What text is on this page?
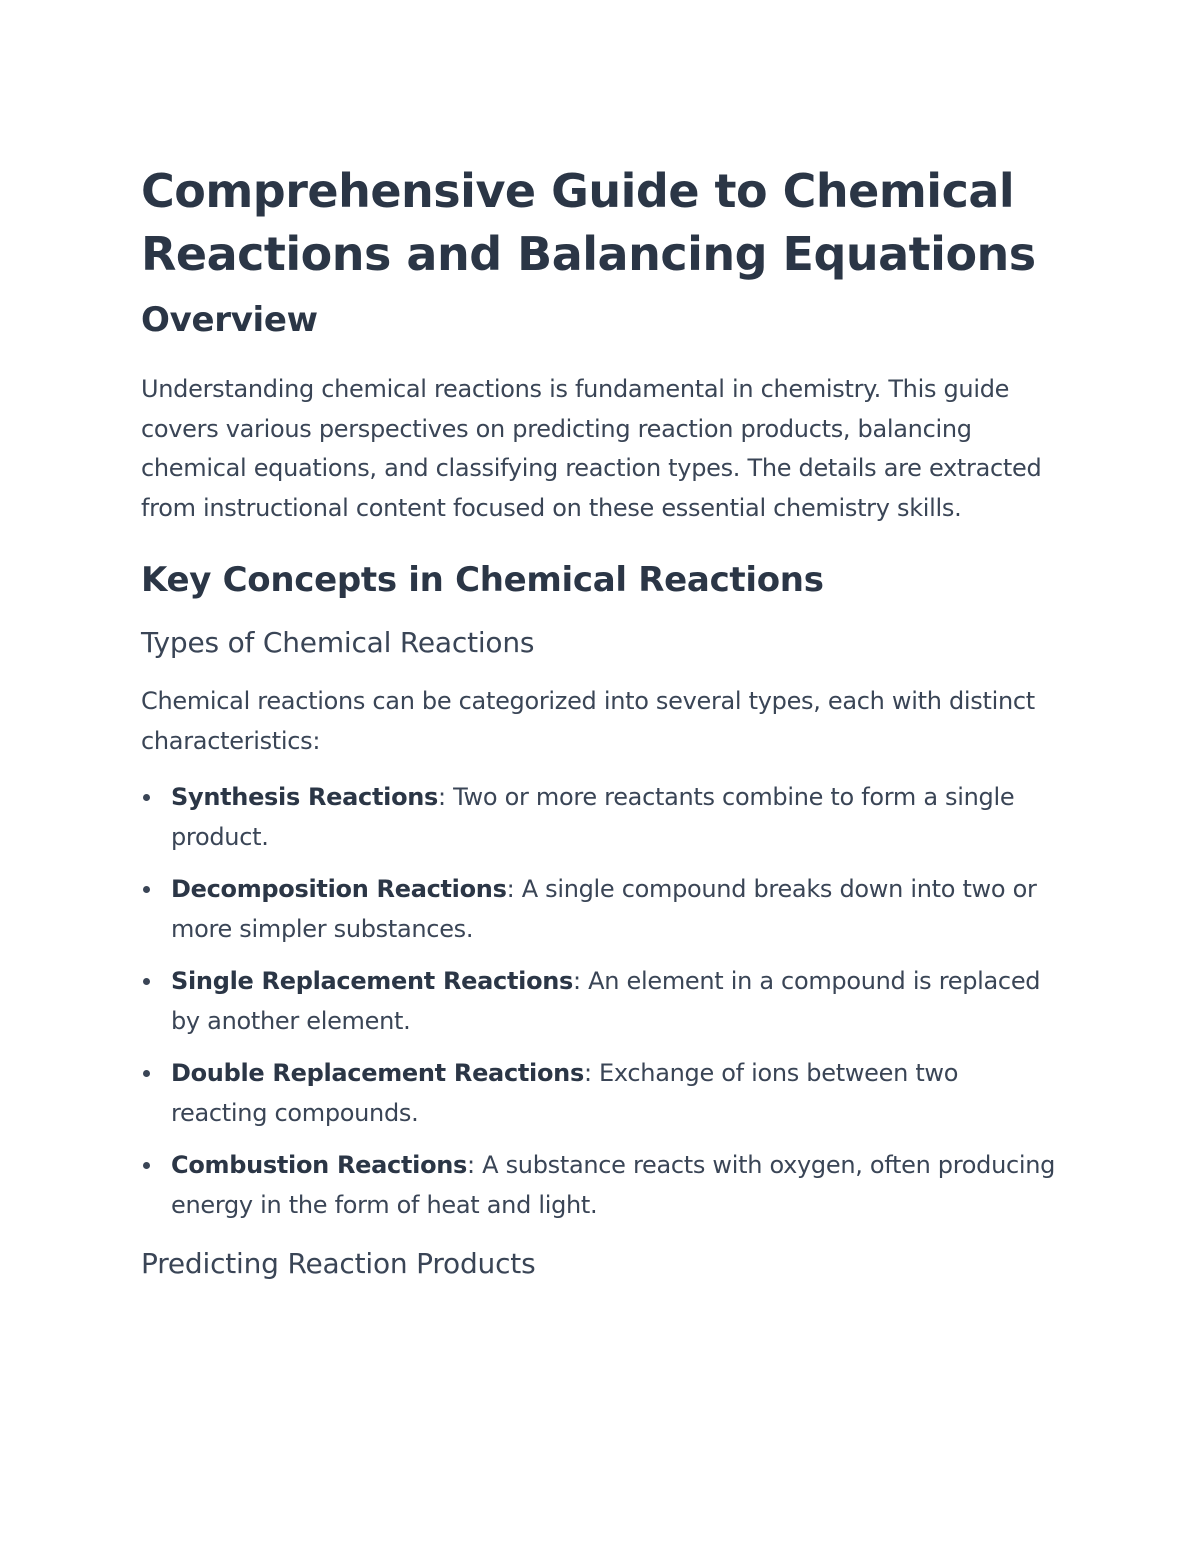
Comprehensive Guide to Chemical Reactions and Balancing Equations
Overview

Understanding chemical reactions is fundamental in chemistry. This guide covers various perspectives on predicting reaction products, balancing chemical equations, and classifying reaction types. The details are extracted from instructional content focused on these essential chemistry skills.

Key Concepts in Chemical Reactions
Types of Chemical Reactions

Chemical reactions can be categorized into several types, each with distinct characteristics:

Synthesis Reactions: Two or more reactants combine to form a single product.
Decomposition Reactions: A single compound breaks down into two or more simpler substances.
Single Replacement Reactions: An element in a compound is replaced by another element.
Double Replacement Reactions: Exchange of ions between two reacting compounds.
Combustion Reactions: A substance reacts with oxygen, often producing energy in the form of heat and light.
Predicting Reaction Products
